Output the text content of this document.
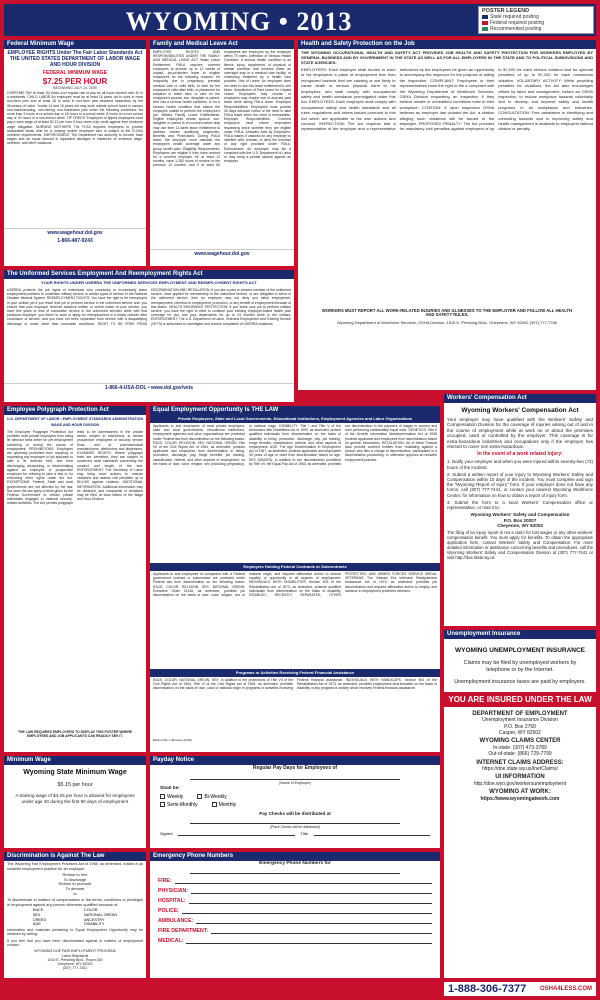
WYOMING • 2013	POSTER LEGEND
State required posting
Federal required posting
Recommended posting
Federal Minimum Wage
EMPLOYEE RIGHTS Under The Fair Labor Standards Act THE UNITED STATES DEPARTMENT OF LABOR WAGE AND HOUR DIVISION
FEDERAL MINIMUM WAGE
$7.25 PER HOUR
BEGINNING JULY 24, 2009
OVERTIME PAY At least 1½ times your regular rate of pay for all hours worked over 40 in a workweek. CHILD LABOR An employee must be at least 16 years old to work in most non-farm jobs and at least 18 to work in non-farm jobs declared hazardous by the Secretary of Labor. Youths 14 and 15 years old may work outside school hours in various non-manufacturing, non-mining, non-hazardous jobs under the following conditions: No more than 3 hours on a school day or 18 hours in a school week; 8 hours on a non-school day or 40 hours in a non-school week. TIP CREDIT Employers of tipped employees must pay a cash wage of at least $2.13 per hour if they claim a tip credit against their minimum wage obligation. NURSING MOTHERS The FLSA requires employers to provide reasonable break time for a nursing mother employee who is subject to the FLSA's overtime requirements. ENFORCEMENT The Department has authority to recover back wages and an equal amount in liquidated damages in instances of minimum wage, overtime, and other violations.
www.wagehour.dol.gov
1-866-487-9243
Family and Medical Leave Act
EMPLOYEE RIGHTS AND RESPONSIBILITIES UNDER THE FAMILY AND MEDICAL LEAVE ACT. Basic Leave Entitlement: FMLA requires covered employers to provide up to 12 weeks of unpaid, job-protected leave to eligible employees for the following reasons: for incapacity due to pregnancy, prenatal medical care or child birth; to care for the employee's child after birth, or placement for adoption or foster care; to care for the employee's spouse, son, daughter or parent, who has a serious health condition; or for a serious health condition that makes the employee unable to perform the employee's job. Military Family Leave Entitlements: Eligible employees whose spouse, son, daughter or parent is on covered active duty may use their 12-week leave entitlement to address certain qualifying exigencies. Benefits and Protections: During FMLA leave, the employer must maintain the employee's health coverage under any group health plan. Eligibility Requirements: Employees are eligible if they have worked for a covered employer for at least 12 months, have 1,250 hours of service in the previous 12 months, and if at least 50 employees are employed by the employer within 75 miles. Definition of Serious Health Condition: A serious health condition is an illness, injury, impairment, or physical or mental condition that involves either an overnight stay in a medical care facility, or continuing treatment by a health care provider. Use of Leave: An employee does not need to use this leave entitlement in one block. Substitution of Paid Leave for Unpaid Leave: Employees may choose or employers may require use of accrued paid leave while taking FMLA leave. Employee Responsibilities: Employees must provide 30 days advance notice of the need to take FMLA leave when the need is foreseeable. Employer Responsibilities: Covered employers must inform employees requesting leave whether they are eligible under FMLA. Unlawful Acts by Employers: FMLA makes it unlawful for any employer to interfere with, restrain, or deny the exercise of any right provided under FMLA. Enforcement: An employee may file a complaint with the U.S. Department of Labor or may bring a private lawsuit against an employer.
www.wagehour.dol.gov
Health and Safety Protection on the Job
THE WYOMING OCCUPATIONAL HEALTH AND SAFETY ACT PROVIDES JOB HEALTH AND SAFETY PROTECTION FOR WORKERS EMPLOYED BY GENERAL BUSINESS AND BY GOVERNMENT IN THE STATE AS WELL AS FOR ALL EMPLOYERS IN THE STATE AND TO POLITICAL SUBDIVISIONS AND STATE AGENCIES.
EMPLOYERS: Each employer shall furnish to each of his employees a place of employment free from recognized hazards that are causing or are likely to cause death or serious physical harm to his employees, and shall comply with occupational safety and health standards promulgated under this Act. EMPLOYEES: Each employee shall comply with occupational safety and health standards and all rules, regulations and orders issued pursuant to this Act which are applicable to his own actions and conduct. INSPECTION: The Act requires that a representative of the employer and a representative authorized by the employees be given an opportunity to accompany the inspector for the purpose of aiding the inspection. COMPLAINT: Employees or their representatives have the right to file a complaint with the Wyoming Department of Workforce Services, OSHA Division requesting an inspection if they believe unsafe or unhealthful conditions exist in their workplace. CITATION: If upon inspection OSHA believes an employer has violated the Act, a citation alleging such violations will be issued to the employer. PROPOSED PENALTY: The Act provides for mandatory civil penalties against employers of up to $7,000 for each serious violation and for optional penalties of up to $7,000 for each nonserious violation. VOLUNTARY ACTIVITY: While providing penalties for violations, the Act also encourages efforts by labor and management, before an OSHA inspection, to reduce workplace hazards voluntarily and to develop and improve safety and health programs in all workplaces and industries. CONSULTATION: Free assistance in identifying and correcting hazards and in improving safety and health management is available to employers without citation or penalty.
WORKERS MUST REPORT ALL WORK-RELATED INJURIES AND ILLNESSES TO THE EMPLOYER AND FOLLOW ALL HEALTH AND SAFETY RULES.
Wyoming Department of Workforce Services, OSHA Division, 1510 E. Pershing Blvd., Cheyenne, WY 82002 (307) 777-7786
The Uniformed Services Employment And Reemployment Rights Act
YOUR RIGHTS UNDER USERRA THE UNIFORMED SERVICES EMPLOYMENT AND REEMPLOYMENT RIGHTS ACT
USERRA protects the job rights of individuals who voluntarily or involuntarily leave employment positions to undertake military service or certain types of service in the National Disaster Medical System. REEMPLOYMENT RIGHTS: You have the right to be reemployed in your civilian job if you leave that job to perform service in the uniformed service and: you ensure that your employer receives advance written or verbal notice of your service; you have five years or less of cumulative service in the uniformed services while with that particular employer; you return to work or apply for reemployment in a timely manner after conclusion of service; and you have not been separated from service with a disqualifying discharge or under other than honorable conditions. RIGHT TO BE FREE FROM DISCRIMINATION AND RETALIATION: If you are a past or present member of the uniformed service, have applied for membership in the uniformed service, or are obligated to serve in the uniformed service, then an employer may not deny you initial employment, reemployment, retention in employment, promotion, or any benefit of employment because of this status. HEALTH INSURANCE PROTECTION: If you leave your job to perform military service, you have the right to elect to continue your existing employer-based health plan coverage for you and your dependents for up to 24 months while in the military. ENFORCEMENT: The U.S. Department of Labor, Veterans Employment and Training Service (VETS) is authorized to investigate and resolve complaints of USERRA violations.
1-866-4-USA-DOL • www.dol.gov/vets
Equal Employment Opportunity Is THE LAW
Private Employers, State and Local Governments, Educational Institutions, Employment Agencies and Labor Organizations
Applicants to and employees of most private employers, state and local governments, educational institutions, employment agencies and labor organizations are protected under Federal law from discrimination on the following bases: RACE, COLOR, RELIGION, SEX, NATIONAL ORIGIN. Title VII of the Civil Rights Act of 1964, as amended, protects applicants and employees from discrimination in hiring, promotion, discharge, pay, fringe benefits, job training, classification, referral, and other aspects of employment, on the basis of race, color, religion, sex (including pregnancy), or national origin. DISABILITY: Title I and Title V of the Americans with Disabilities Act of 1990, as amended, protect qualified individuals from discrimination on the basis of disability in hiring, promotion, discharge, pay, job training, fringe benefits, classification, referral, and other aspects of employment. AGE: The Age Discrimination in Employment Act of 1967, as amended, protects applicants and employees 40 years of age or older from discrimination based on age. SEX (WAGES): In addition to sex discrimination prohibited by Title VII, the Equal Pay Act of 1963, as amended, prohibits sex discrimination in the payment of wages to women and men performing substantially equal work. GENETICS: Title II of the Genetic Information Nondiscrimination Act of 2008 protects applicants and employees from discrimination based on genetic information. RETALIATION: All of these Federal laws prohibit covered entities from retaliating against a person who files a charge of discrimination, participates in a discrimination proceeding, or otherwise opposes an unlawful employment practice.
Employers Holding Federal Contracts or Subcontracts
Applicants to and employees of companies with a Federal government contract or subcontract are protected under Federal law from discrimination on the following bases: RACE, COLOR, RELIGION, SEX, NATIONAL ORIGIN. Executive Order 11246, as amended, prohibits job discrimination on the basis of race, color, religion, sex or national origin, and requires affirmative action to ensure equality of opportunity in all aspects of employment. INDIVIDUALS WITH DISABILITIES: Section 503 of the Rehabilitation Act of 1973, as amended, protects qualified individuals from discrimination on the basis of disability. DISABLED, RECENTLY SEPARATED, OTHER PROTECTED, AND ARMED FORCES SERVICE MEDAL VETERANS: The Vietnam Era Veterans' Readjustment Assistance Act of 1974, as amended, prohibits job discrimination and requires affirmative action to employ and advance in employment protected veterans.
Programs or Activities Receiving Federal Financial Assistance
RACE, COLOR, NATIONAL ORIGIN, SEX: In addition to the protections of Title VII of the Civil Rights Act of 1964, Title VI of the Civil Rights Act of 1964, as amended, prohibits discrimination on the basis of race, color or national origin in programs or activities receiving Federal financial assistance. INDIVIDUALS WITH HANDICAPS: Section 504 of the Rehabilitation Act of 1973, as amended, prohibits employment discrimination on the basis of disability in any program or activity which receives Federal financial assistance.
EEOC-P/E-1 (Revised 11/09)
Employee Polygraph Protection Act
U.S. DEPARTMENT OF LABOR • EMPLOYMENT STANDARDS ADMINISTRATION WAGE AND HOUR DIVISION
The Employee Polygraph Protection Act prohibits most private employers from using lie detector tests either for pre-employment screening or during the course of employment. PROHIBITIONS: Employers are generally prohibited from requiring or requesting any employee or job applicant to take a lie detector test, and from discharging, disciplining, or discriminating against an employee or prospective employee for refusing to take a test or for exercising other rights under the Act. EXEMPTIONS: Federal, State and local governments are not affected by the law. Nor does the law apply to tests given by the Federal Government to certain private individuals engaged in national security-related activities. The Act permits polygraph tests to be administered in the private sector, subject to restrictions, to certain prospective employees of security service firms, and of pharmaceutical manufacturers, distributors and dispensers. EXAMINEE RIGHTS: Where polygraph tests are permitted, they are subject to numerous strict standards concerning the conduct and length of the test. ENFORCEMENT: The Secretary of Labor may bring court actions to restrain violations and assess civil penalties up to $10,000 against violators. ADDITIONAL INFORMATION: Additional information may be obtained, and complaints of violations may be filed, at local offices of the Wage and Hour Division.
THE LAW REQUIRES EMPLOYERS TO DISPLAY THIS POSTER WHERE EMPLOYEES AND JOB APPLICANTS CAN READILY SEE IT.
Workers' Compensation Act
Wyoming Workers' Compensation Act
Your employer may have qualified with the Workers' Safety and Compensation Division for the coverage of injuries arising out of and in the course of employment while at work on or about the premises occupied, used or controlled by the employer. This coverage is for extra-hazardous industries and occupations only if the employer has elected to cover non extra-hazardous.
In the event of a work related injury:
1. Notify your employer and when you were injured within seventy-two (72) hours of the incident.
2. Submit a written report of your injury to Wyoming Workers' Safety and Compensation within 10 days of the incident. You must complete and sign the "Wyoming Report of Injury" form. If your employer does not have any forms, call (307) 777-7441, or contact your nearest Wyoming Workforce Center, for information on how to obtain a report of injury form.
3. Submit the form to a local Workers' Compensation office or representative, or mail it to:
Wyoming Workers' Safety and Compensation
P.O. Box 20207
Cheyenne, WY 82002
The filing of an injury report is not a claim for lost wages or any other workers' compensation benefit. You must apply for benefits. To obtain the appropriate application form, contact Workers' Safety and Compensation. For more detailed information or assistance concerning benefits and procedures, call the Wyoming Workers' Safety and Compensation Division at (307) 777-7441 or visit http://doe.state.wy.us
Unemployment Insurance
WYOMING UNEMPLOYMENT INSURANCE
Claims may be filed by unemployed workers by telephone or by the Internet.
Unemployment insurance taxes are paid by employers.
YOU ARE INSURED UNDER THE LAW
DEPARTMENT OF EMPLOYMENT
Unemployment Insurance Division
P.O. Box 2760
Casper, WY 82602
WYOMING CLAIMS CENTER
In-state: (307) 473-3789
Out-of-state: (866) 729-7799
INTERNET CLAIMS ADDRESS:
https://doe.state.wy.us/InetClaims/
UI INFORMATION
http://doe.wyo.gov/workersunemployment
WYOMING AT WORK:
https://www.wyomingatwork.com
Minimum Wage
Wyoming State Minimum Wage
$5.15 per hour
A training wage of $4.25 per hour is allowed for employees under age 20 during the first 90 days of employment
Discrimination is Against The Law
The Wyoming Fair Employment Practices Act of 1965, as amended, makes it an unlawful employment practice for an employer:
Refuse to hire
To discharge
Refuse to promote
To demote
or
To discriminate in matters of compensation or the terms, conditions or privileges of employment against any person otherwise qualified because of:
RACE
SEX
CREED
AGE
COLOR
NATIONAL ORIGIN
ANCESTRY
DISABILITY
Information and materials pertaining to Equal Employment Opportunity may be obtained by writing:
If you feel that you have been discriminated against in matters of employment contact:
WYOMING DOE FAIR EMPLOYMENT PROGRAM
Labor Standards
1510 E. Pershing Blvd., Room 150
Cheyenne, WY 82002
(307) 777-7261
Payday Notice
Regular Pay Days for Employees of
(Name of Employer)
Shall be:
Weekly	Bi-Weekly
Semi-Monthly	Monthly
Pay Checks will be distributed at
(Place Checks will be distributed)
Signed	Title
Emergency Phone Numbers
Emergency Phone Numbers for
FIRE:
PHYSICIAN:
HOSPITAL:
POLICE:
AMBULANCE:
FIRE DEPARTMENT:
MEDICAL:
1-888-306-7377 OSHA4LESS.COM
